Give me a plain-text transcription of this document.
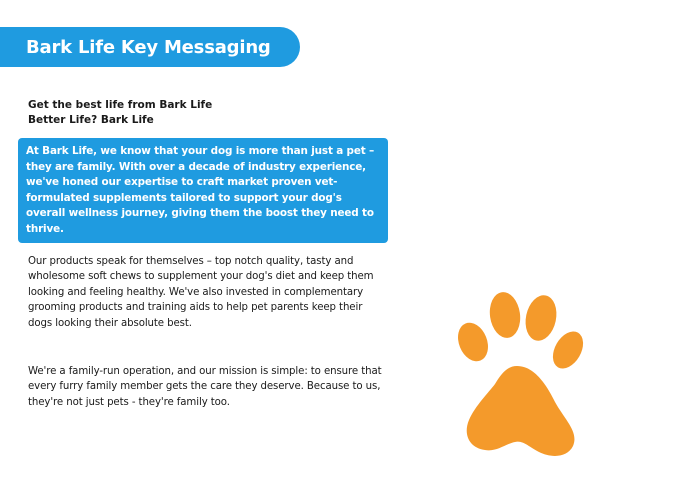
Bark Life Key Messaging
Get the best life from Bark Life
Better Life? Bark Life

At Bark Life, we know that your dog is more than just a pet – they are family. With over a decade of industry experience, we've honed our expertise to craft market proven vet-formulated supplements tailored to support your dog's overall wellness journey, giving them the boost they need to thrive.

Our products speak for themselves – top notch quality, tasty and wholesome soft chews to supplement your dog's diet and keep them looking and feeling healthy. We've also invested in complementary grooming products and training aids to help pet parents keep their dogs looking their absolute best.

We're a family-run operation, and our mission is simple: to ensure that every furry family member gets the care they deserve. Because to us, they're not just pets - they're family too.
